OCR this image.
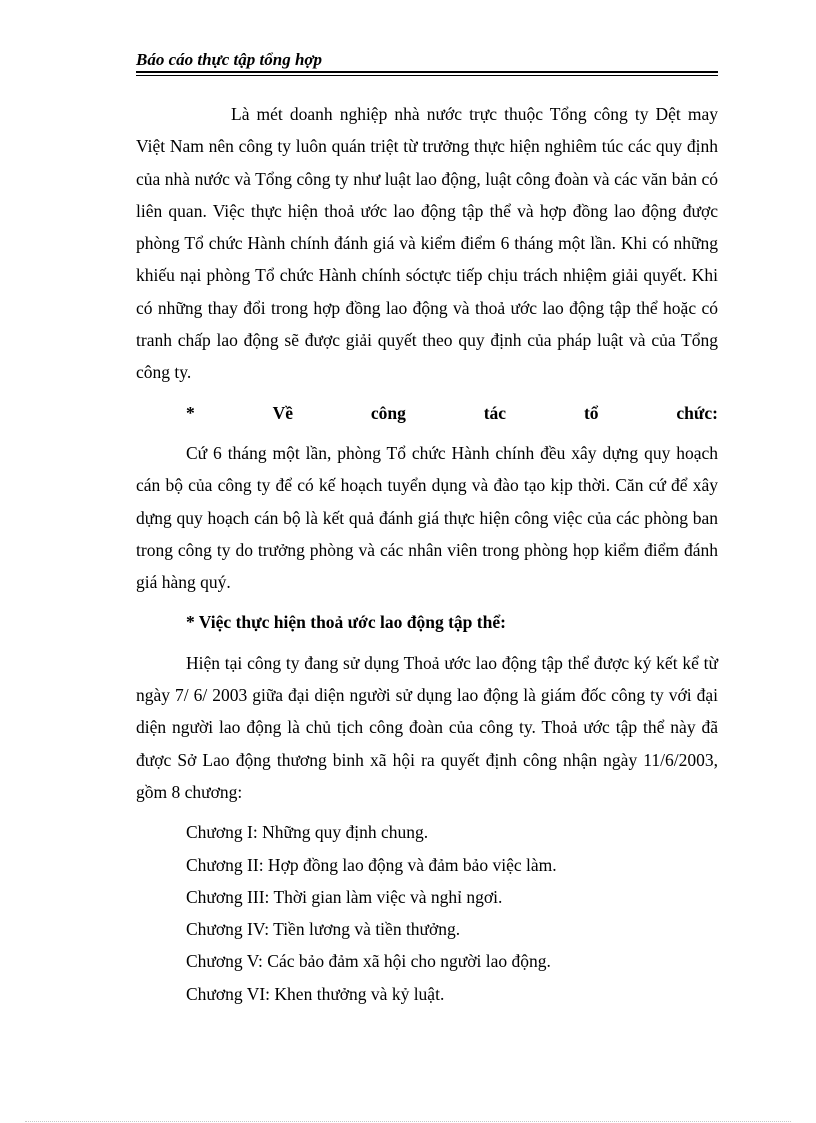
Báo cáo thực tập tổng hợp

Là mét doanh nghiệp nhà nước trực thuộc Tổng công ty Dệt may Việt Nam nên công ty luôn quán triệt từ trưởng thực hiện nghiêm túc các quy định của nhà nước và Tổng công ty như luật lao động, luật công đoàn và các văn bản có liên quan. Việc thực hiện thoả ước lao động tập thể và hợp đồng lao động được phòng Tổ chức Hành chính đánh giá và kiểm điểm 6 tháng một lần. Khi có những khiếu nại phòng Tổ chức Hành chính sóctực tiếp chịu trách nhiệm giải quyết. Khi có những thay đổi trong hợp đồng lao động và thoả ước lao động tập thể hoặc có tranh chấp lao động sẽ được giải quyết theo quy định của pháp luật và của Tổng công ty.

*	Về	công	tác	tổ	chức:

Cứ 6 tháng một lần, phòng Tổ chức Hành chính đều xây dựng quy hoạch cán bộ của công ty để có kế hoạch tuyển dụng và đào tạo kịp thời. Căn cứ để xây dựng quy hoạch cán bộ là kết quả đánh giá thực hiện công việc của các phòng ban trong công ty do trưởng phòng và các nhân viên trong phòng họp kiểm điểm đánh giá hàng quý.

* Việc thực hiện thoả ước lao động tập thể:

Hiện tại công ty đang sử dụng Thoả ước lao động tập thể được ký kết kể từ ngày 7/ 6/ 2003 giữa đại diện người sử dụng lao động là giám đốc công ty với đại diện người lao động là chủ tịch công đoàn của công ty. Thoả ước tập thể này đã được Sở Lao động thương binh xã hội ra quyết định công nhận ngày 11/6/2003, gồm 8 chương:

Chương I: Những quy định chung.
Chương II: Hợp đồng lao động và đảm bảo việc làm.
Chương III: Thời gian làm việc và nghỉ ngơi.
Chương IV: Tiền lương và tiền thưởng.
Chương V: Các bảo đảm xã hội cho người lao động.
Chương VI: Khen thưởng và kỷ luật.
